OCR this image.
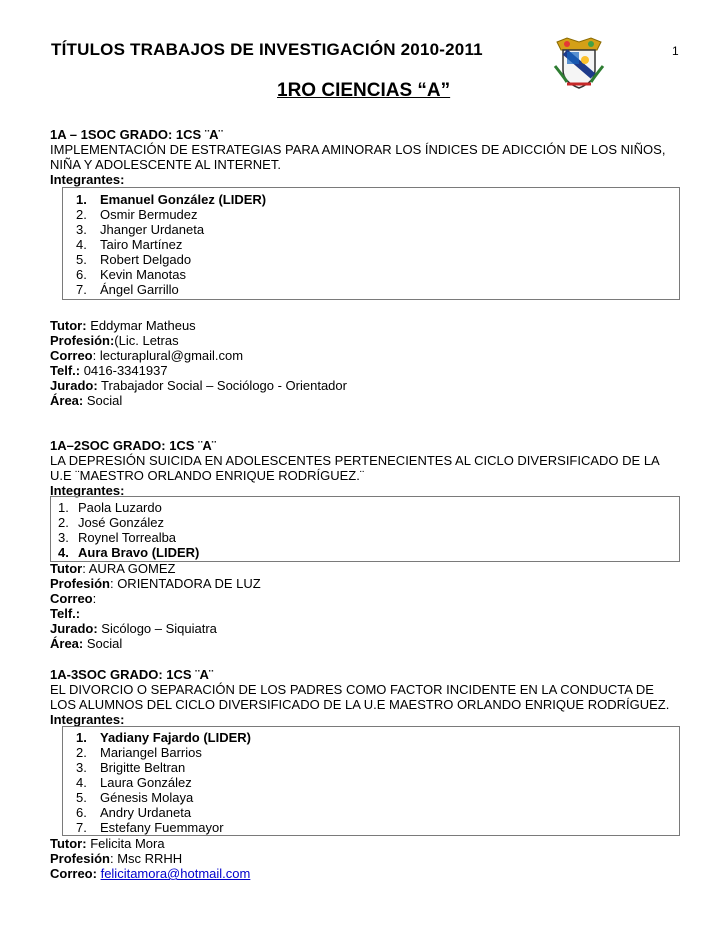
TÍTULOS TRABAJOS DE INVESTIGACIÓN 2010-2011	1
1RO CIENCIAS “A”
1A – 1SOC GRADO: 1CS ¨A¨
IMPLEMENTACIÓN DE ESTRATEGIAS PARA AMINORAR LOS ÍNDICES DE ADICCIÓN DE LOS NIÑOS,
NIÑA Y ADOLESCENTE AL INTERNET.
Integrantes:
1. Emanuel González (LIDER)
2. Osmir Bermudez
3. Jhanger Urdaneta
4. Tairo Martínez
5. Robert Delgado
6. Kevin Manotas
7. Ángel Garrillo
Tutor: Eddymar Matheus
Profesión:(Lic. Letras
Correo: lecturaplural@gmail.com
Telf.: 0416-3341937
Jurado: Trabajador Social – Sociólogo - Orientador
Área: Social
1A–2SOC GRADO: 1CS ¨A¨
LA DEPRESIÓN SUICIDA EN ADOLESCENTES PERTENECIENTES AL CICLO DIVERSIFICADO DE LA
U.E ¨MAESTRO ORLANDO ENRIQUE RODRÍGUEZ.¨
Integrantes:
1. Paola Luzardo
2. José González
3. Roynel Torrealba
4. Aura Bravo (LIDER)
Tutor: AURA GOMEZ
Profesión: ORIENTADORA DE LUZ
Correo:
Telf.:
Jurado: Sicólogo – Siquiatra
Área: Social
1A-3SOC GRADO: 1CS ¨A¨
EL DIVORCIO O SEPARACIÓN DE LOS PADRES COMO FACTOR INCIDENTE EN LA CONDUCTA DE
LOS ALUMNOS DEL CICLO DIVERSIFICADO DE LA U.E MAESTRO ORLANDO ENRIQUE RODRÍGUEZ.
Integrantes:
1. Yadiany Fajardo (LIDER)
2. Mariangel Barrios
3. Brigitte Beltran
4. Laura González
5. Génesis Molaya
6. Andry Urdaneta
7. Estefany Fuemmayor
Tutor: Felicita Mora
Profesión: Msc RRHH
Correo: felicitamora@hotmail.com
